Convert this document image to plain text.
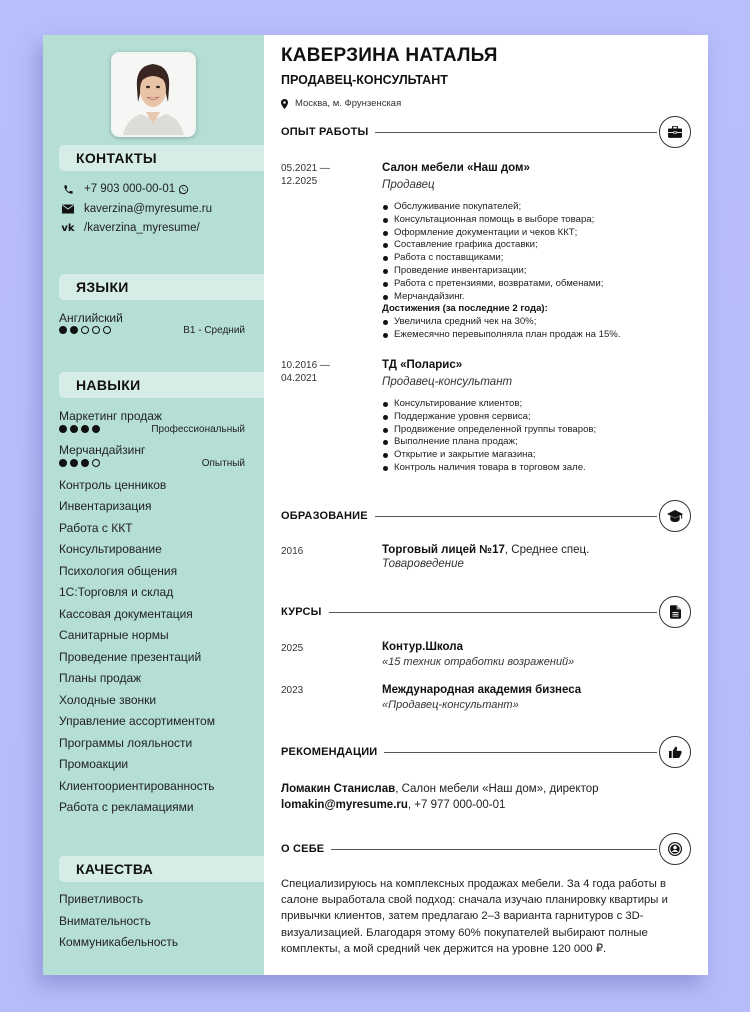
КОНТАКТЫ
+7 903 000-00-01
kaverzina@myresume.ru
vk /kaverzina_myresume/
ЯЗЫКИ
Английский
B1 - Средний
НАВЫКИ
Маркетинг продаж
Профессиональный
Мерчандайзинг
Опытный
Контроль ценников
Инвентаризация
Работа с ККТ
Консультирование
Психология общения
1С:Торговля и склад
Кассовая документация
Санитарные нормы
Проведение презентаций
Планы продаж
Холодные звонки
Управление ассортиментом
Программы лояльности
Промоакции
Клиентоориентированность
Работа с рекламациями
КАЧЕСТВА
Приветливость
Внимательность
Коммуникабельность
КАВЕРЗИНА НАТАЛЬЯ
ПРОДАВЕЦ-КОНСУЛЬТАНТ
Москва, м. Фрунзенская
ОПЫТ РАБОТЫ
05.2021 —
12.2025
Салон мебели «Наш дом»
Продавец
Обслуживание покупателей;
Консультационная помощь в выборе товара;
Оформление документации и чеков ККТ;
Составление графика доставки;
Работа с поставщиками;
Проведение инвентаризации;
Работа с претензиями, возвратами, обменами;
Мерчандайзинг.
Достижения (за последние 2 года):
Увеличила средний чек на 30%;
Ежемесячно перевыполняла план продаж на 15%.
10.2016 —
04.2021
ТД «Поларис»
Продавец-консультант
Консультирование клиентов;
Поддержание уровня сервиса;
Продвижение определенной группы товаров;
Выполнение плана продаж;
Открытие и закрытие магазина;
Контроль наличия товара в торговом зале.
ОБРАЗОВАНИЕ
2016	Торговый лицей №17, Среднее спец.
Товароведение
КУРСЫ
2025	Контур.Школа
«15 техник отработки возражений»
2023	Международная академия бизнеса
«Продавец-консультант»
РЕКОМЕНДАЦИИ
Ломакин Станислав, Салон мебели «Наш дом», директор
lomakin@myresume.ru, +7 977 000-00-01
О СЕБЕ
Специализируюсь на комплексных продажах мебели. За 4 года работы в салоне выработала свой подход: сначала изучаю планировку квартиры и привычки клиентов, затем предлагаю 2–3 варианта гарнитуров с 3D-визуализацией. Благодаря этому 60% покупателей выбирают полные комплекты, а мой средний чек держится на уровне 120 000 ₽.
